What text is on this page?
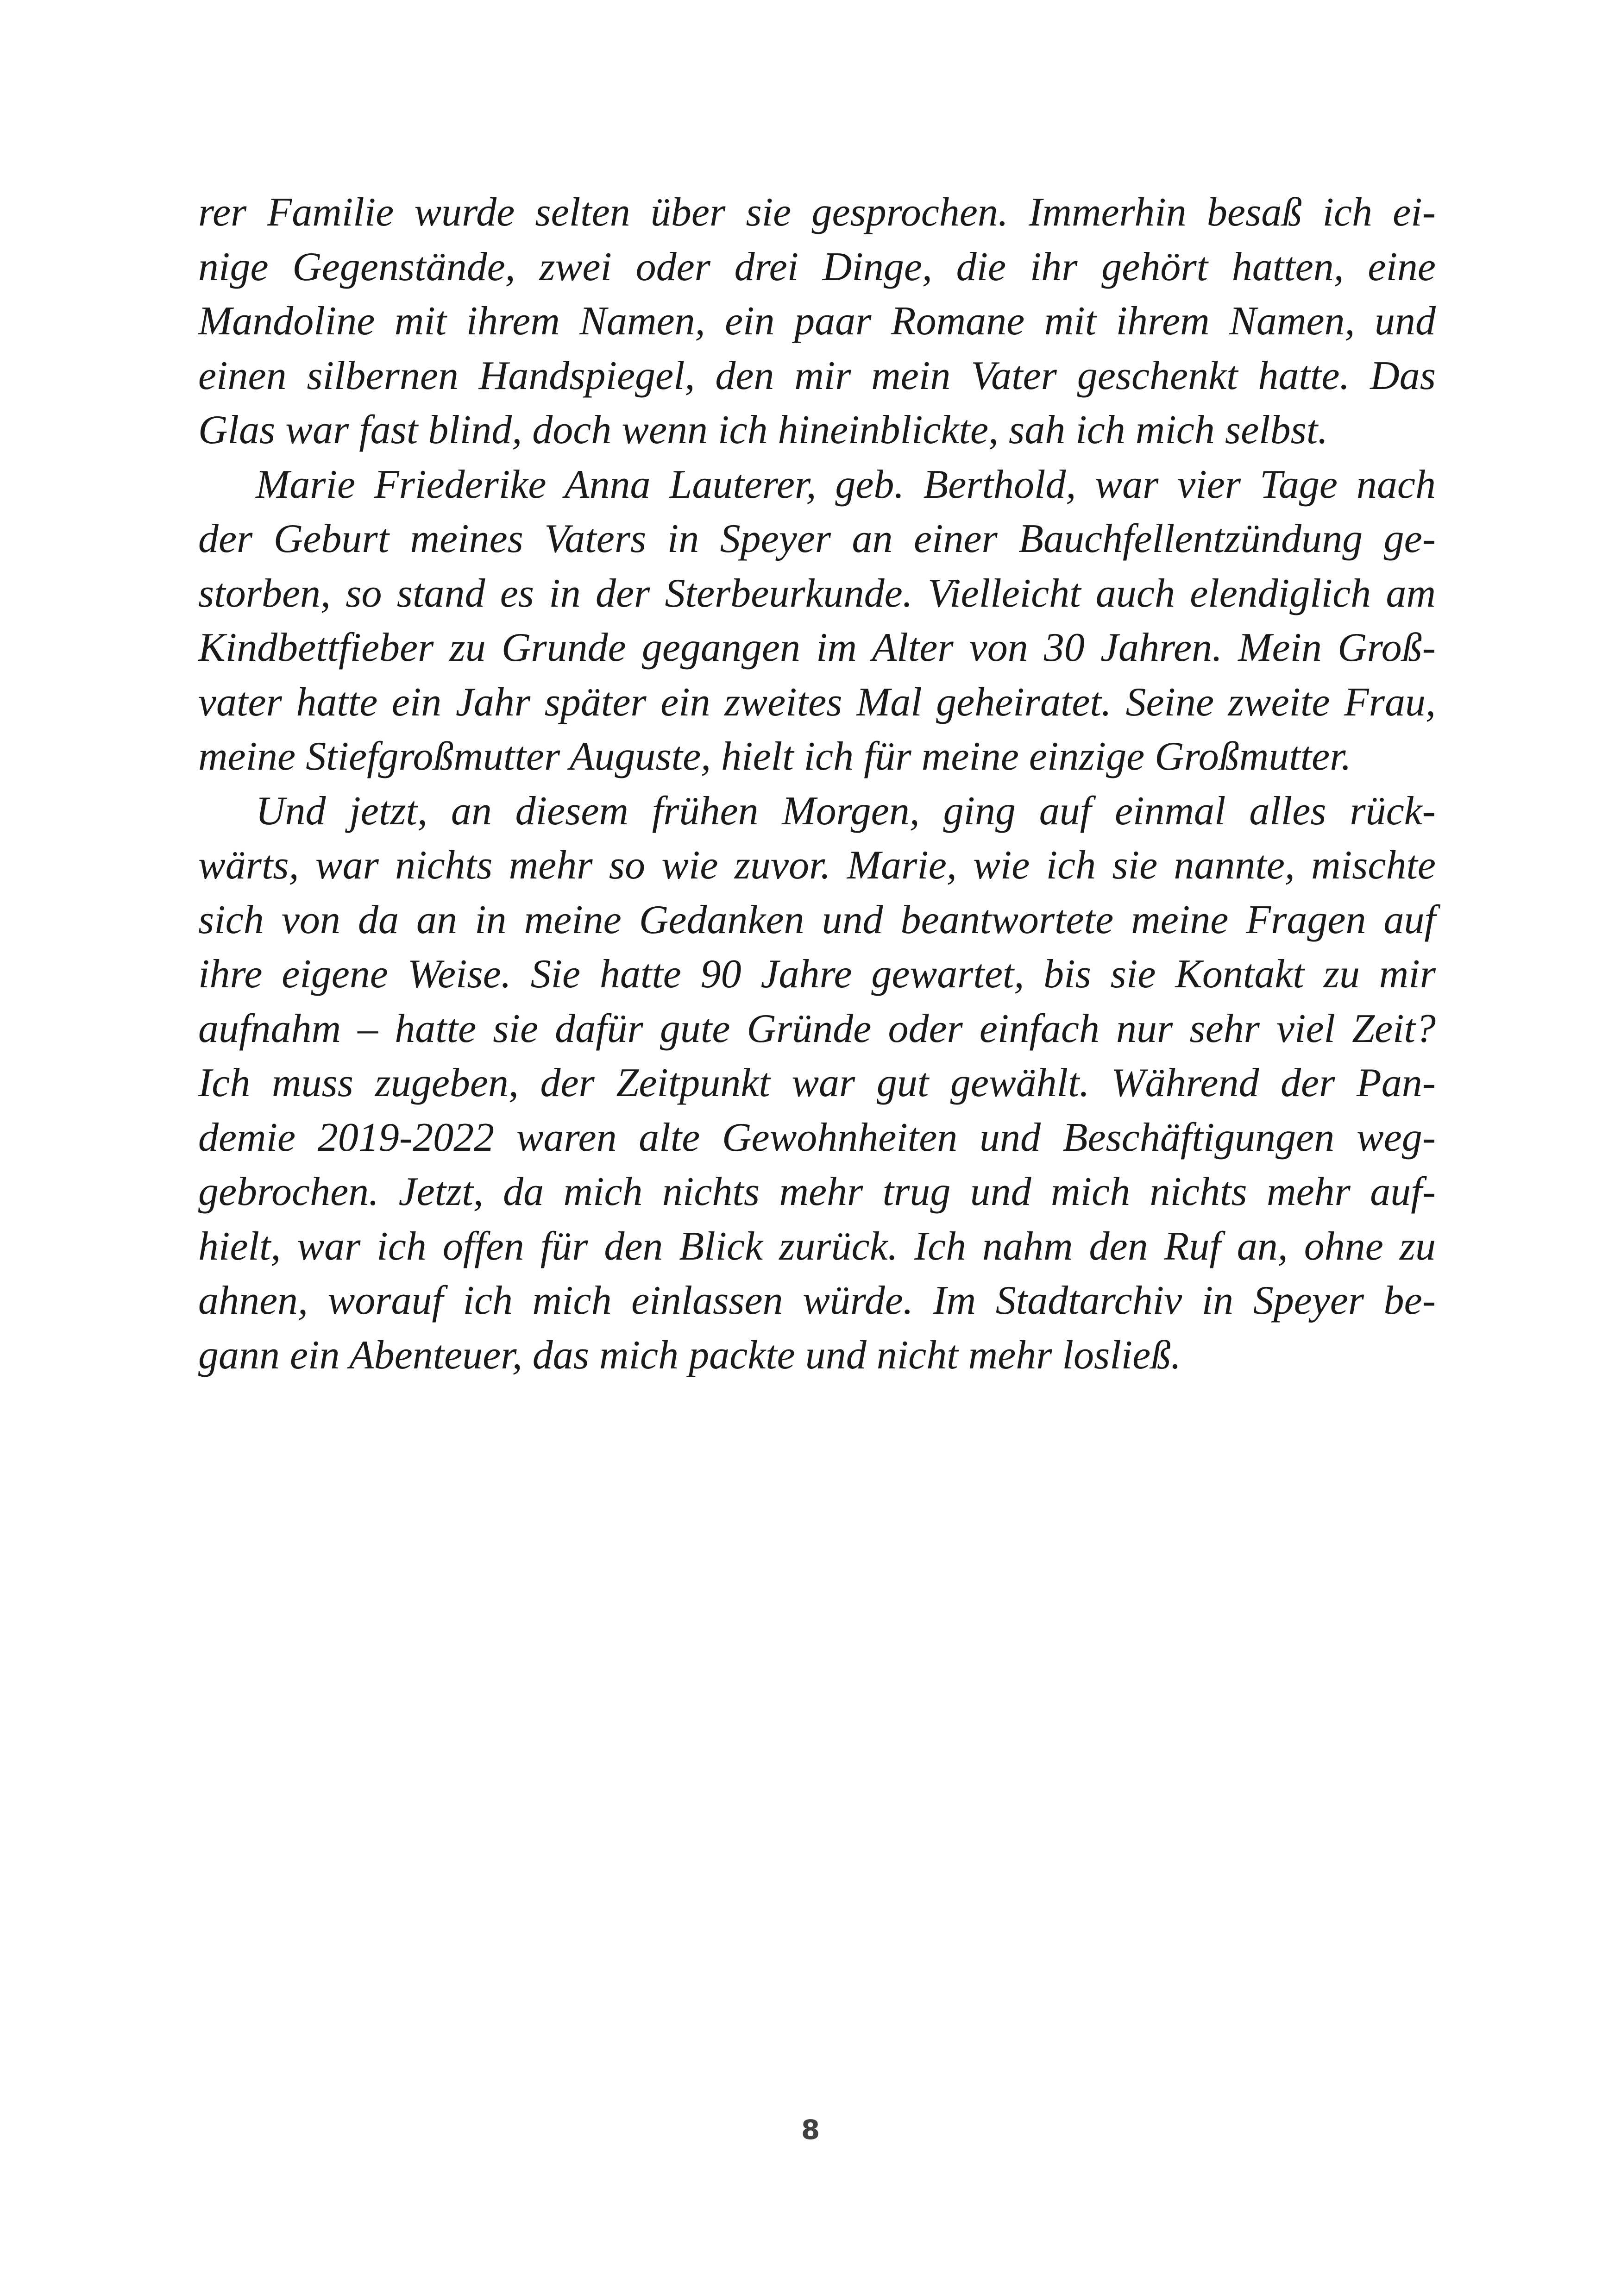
rer Familie wurde selten über sie gesprochen. Immerhin besaß ich ei-
nige Gegenstände, zwei oder drei Dinge, die ihr gehört hatten, eine
Mandoline mit ihrem Namen, ein paar Romane mit ihrem Namen, und
einen silbernen Handspiegel, den mir mein Vater geschenkt hatte. Das
Glas war fast blind, doch wenn ich hineinblickte, sah ich mich selbst.
Marie Friederike Anna Lauterer, geb. Berthold, war vier Tage nach
der Geburt meines Vaters in Speyer an einer Bauchfellentzündung ge-
storben, so stand es in der Sterbeurkunde. Vielleicht auch elendiglich am
Kindbettfieber zu Grunde gegangen im Alter von 30 Jahren. Mein Groß-
vater hatte ein Jahr später ein zweites Mal geheiratet. Seine zweite Frau,
meine Stiefgroßmutter Auguste, hielt ich für meine einzige Großmutter.
Und jetzt, an diesem frühen Morgen, ging auf einmal alles rück-
wärts, war nichts mehr so wie zuvor. Marie, wie ich sie nannte, mischte
sich von da an in meine Gedanken und beantwortete meine Fragen auf
ihre eigene Weise. Sie hatte 90 Jahre gewartet, bis sie Kontakt zu mir
aufnahm – hatte sie dafür gute Gründe oder einfach nur sehr viel Zeit?
Ich muss zugeben, der Zeitpunkt war gut gewählt. Während der Pan-
demie 2019-2022 waren alte Gewohnheiten und Beschäftigungen weg-
gebrochen. Jetzt, da mich nichts mehr trug und mich nichts mehr auf-
hielt, war ich offen für den Blick zurück. Ich nahm den Ruf an, ohne zu
ahnen, worauf ich mich einlassen würde. Im Stadtarchiv in Speyer be-
gann ein Abenteuer, das mich packte und nicht mehr losließ.
8
